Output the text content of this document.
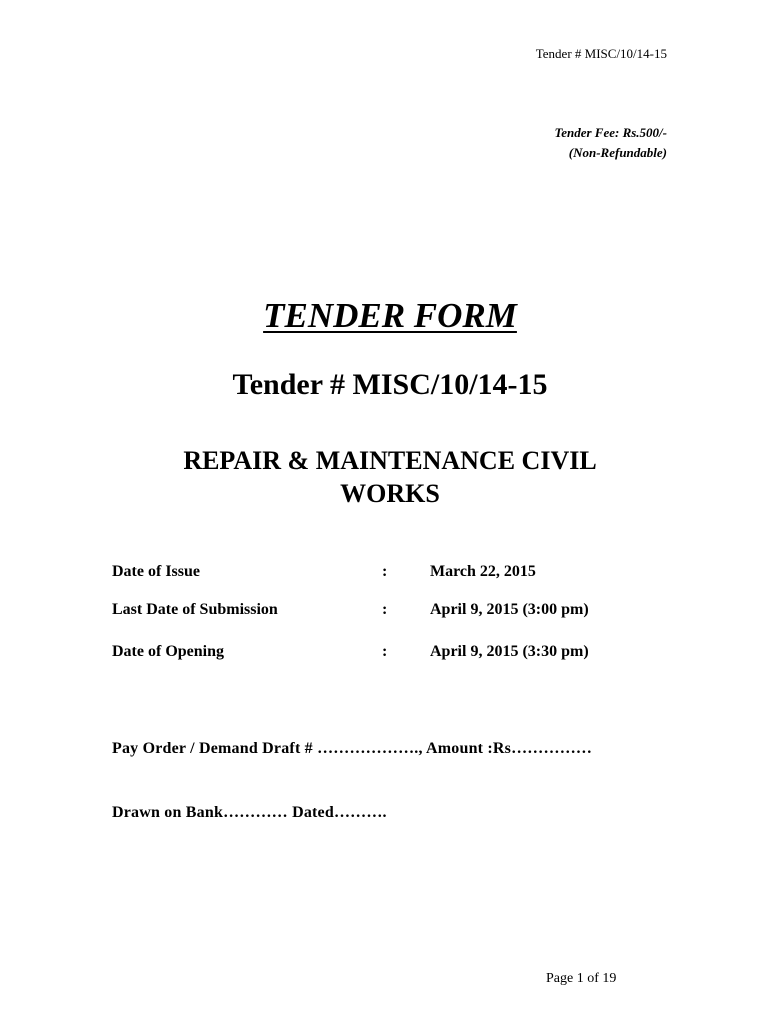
Tender # MISC/10/14-15
Tender Fee: Rs.500/-
(Non-Refundable)
TENDER FORM
Tender # MISC/10/14-15
REPAIR & MAINTENANCE CIVIL
WORKS
Date of Issue	:	March 22, 2015
Last Date of Submission	:	April 9, 2015 (3:00 pm)
Date of Opening	:	April 9, 2015 (3:30 pm)
Pay Order / Demand Draft # ………………., Amount :Rs……………
Drawn on Bank………… Dated……….
Page 1 of 19
